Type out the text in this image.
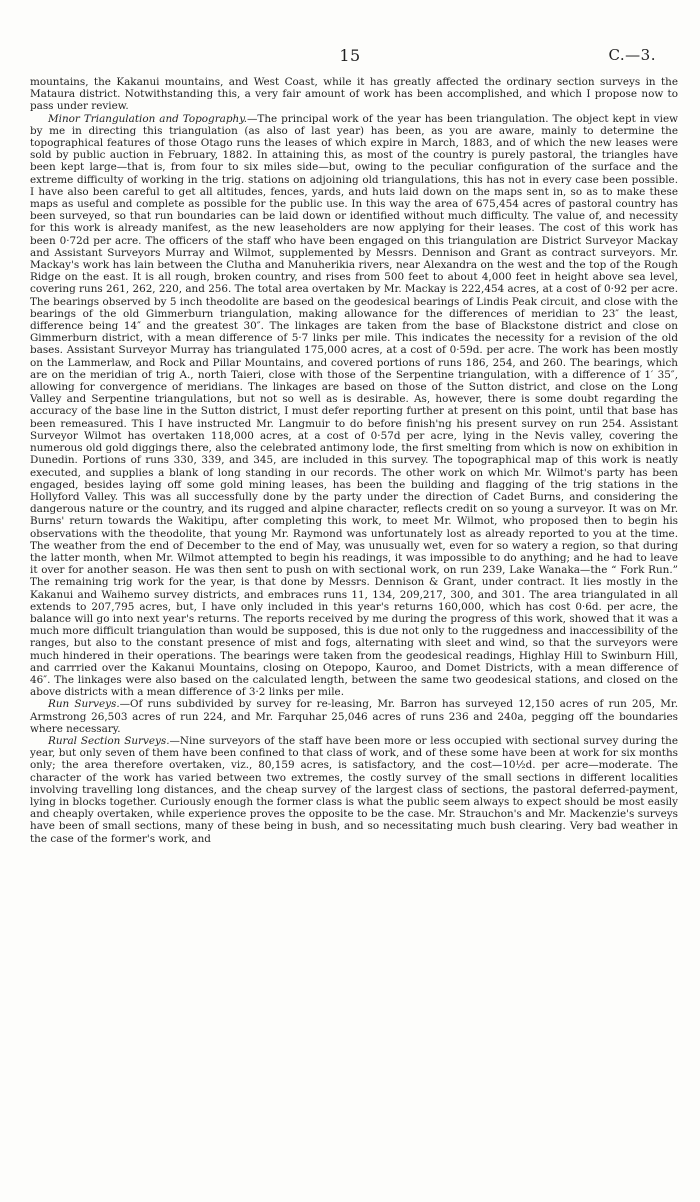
15	C.—3.

mountains, the Kakanui mountains, and West Coast, while it has greatly affected the ordinary section surveys in the Mataura district. Notwithstanding this, a very fair amount of work has been accomplished, and which I propose now to pass under review.

Minor Triangulation and Topography.—The principal work of the year has been triangulation. The object kept in view by me in directing this triangulation (as also of last year) has been, as you are aware, mainly to determine the topographical features of those Otago runs the leases of which expire in March, 1883, and of which the new leases were sold by public auction in February, 1882. In attaining this, as most of the country is purely pastoral, the triangles have been kept large—that is, from four to six miles side—but, owing to the peculiar configuration of the surface and the extreme difficulty of working in the trig. stations on adjoining old triangulations, this has not in every case been possible. I have also been careful to get all altitudes, fences, yards, and huts laid down on the maps sent in, so as to make these maps as useful and complete as possible for the public use. In this way the area of 675,454 acres of pastoral country has been surveyed, so that run boundaries can be laid down or identified without much difficulty. The value of, and necessity for this work is already manifest, as the new leaseholders are now applying for their leases. The cost of this work has been 0·72d per acre. The officers of the staff who have been engaged on this triangulation are District Surveyor Mackay and Assistant Surveyors Murray and Wilmot, supplemented by Messrs. Dennison and Grant as contract surveyors. Mr. Mackay's work has lain between the Clutha and Manuherikia rivers, near Alexandra on the west and the top of the Rough Ridge on the east. It is all rough, broken country, and rises from 500 feet to about 4,000 feet in height above sea level, covering runs 261, 262, 220, and 256. The total area overtaken by Mr. Mackay is 222,454 acres, at a cost of 0·92 per acre. The bearings observed by 5 inch theodolite are based on the geodesical bearings of Lindis Peak circuit, and close with the bearings of the old Gimmerburn triangulation, making allowance for the differences of meridian to 23″ the least, difference being 14″ and the greatest 30″. The linkages are taken from the base of Blackstone district and close on Gimmerburn district, with a mean difference of 5·7 links per mile. This indicates the necessity for a revision of the old bases. Assistant Surveyor Murray has triangulated 175,000 acres, at a cost of 0·59d. per acre. The work has been mostly on the Lammerlaw, and Rock and Pillar Mountains, and covered portions of runs 186, 254, and 260. The bearings, which are on the meridian of trig A., north Taieri, close with those of the Serpentine triangulation, with a difference of 1′ 35″, allowing for convergence of meridians. The linkages are based on those of the Sutton district, and close on the Long Valley and Serpentine triangulations, but not so well as is desirable. As, however, there is some doubt regarding the accuracy of the base line in the Sutton district, I must defer reporting further at present on this point, until that base has been remeasured. This I have instructed Mr. Langmuir to do before finish'ng his present survey on run 254. Assistant Surveyor Wilmot has overtaken 118,000 acres, at a cost of 0·57d per acre, lying in the Nevis valley, covering the numerous old gold diggings there, also the celebrated antimony lode, the first smelting from which is now on exhibition in Dunedin. Portions of runs 330, 339, and 345, are included in this survey. The topographical map of this work is neatly executed, and supplies a blank of long standing in our records. The other work on which Mr. Wilmot's party has been engaged, besides laying off some gold mining leases, has been the building and flagging of the trig stations in the Hollyford Valley. This was all successfully done by the party under the direction of Cadet Burns, and considering the dangerous nature or the country, and its rugged and alpine character, reflects credit on so young a surveyor. It was on Mr. Burns' return towards the Wakitipu, after completing this work, to meet Mr. Wilmot, who proposed then to begin his observations with the theodolite, that young Mr. Raymond was unfortunately lost as already reported to you at the time. The weather from the end of December to the end of May, was unusually wet, even for so watery a region, so that during the latter month, when Mr. Wilmot attempted to begin his readings, it was impossible to do anything; and he had to leave it over for another season. He was then sent to push on with sectional work, on run 239, Lake Wanaka—the “ Fork Run.” The remaining trig work for the year, is that done by Messrs. Dennison & Grant, under contract. It lies mostly in the Kakanui and Waihemo survey districts, and embraces runs 11, 134, 209,217, 300, and 301. The area triangulated in all extends to 207,795 acres, but, I have only included in this year's returns 160,000, which has cost 0·6d. per acre, the balance will go into next year's returns. The reports received by me during the progress of this work, showed that it was a much more difficult triangulation than would be supposed, this is due not only to the ruggedness and inaccessibility of the ranges, but also to the constant presence of mist and fogs, alternating with sleet and wind, so that the surveyors were much hindered in their operations. The bearings were taken from the geodesical readings, Highlay Hill to Swinburn Hill, and carrried over the Kakanui Mountains, closing on Otepopo, Kauroo, and Domet Districts, with a mean difference of 46″. The linkages were also based on the calculated length, between the same two geodesical stations, and closed on the above districts with a mean difference of 3·2 links per mile.

Run Surveys.—Of runs subdivided by survey for re-leasing, Mr. Barron has surveyed 12,150 acres of run 205, Mr. Armstrong 26,503 acres of run 224, and Mr. Farquhar 25,046 acres of runs 236 and 240a, pegging off the boundaries where necessary.

Rural Section Surveys.—Nine surveyors of the staff have been more or less occupied with sectional survey during the year, but only seven of them have been confined to that class of work, and of these some have been at work for six months only; the area therefore overtaken, viz., 80,159 acres, is satisfactory, and the cost—10½d. per acre—moderate. The character of the work has varied between two extremes, the costly survey of the small sections in different localities involving travelling long distances, and the cheap survey of the largest class of sections, the pastoral deferred-payment, lying in blocks together. Curiously enough the former class is what the public seem always to expect should be most easily and cheaply overtaken, while experience proves the opposite to be the case. Mr. Strauchon's and Mr. Mackenzie's surveys have been of small sections, many of these being in bush, and so necessitating much bush clearing. Very bad weather in the case of the former's work, and
